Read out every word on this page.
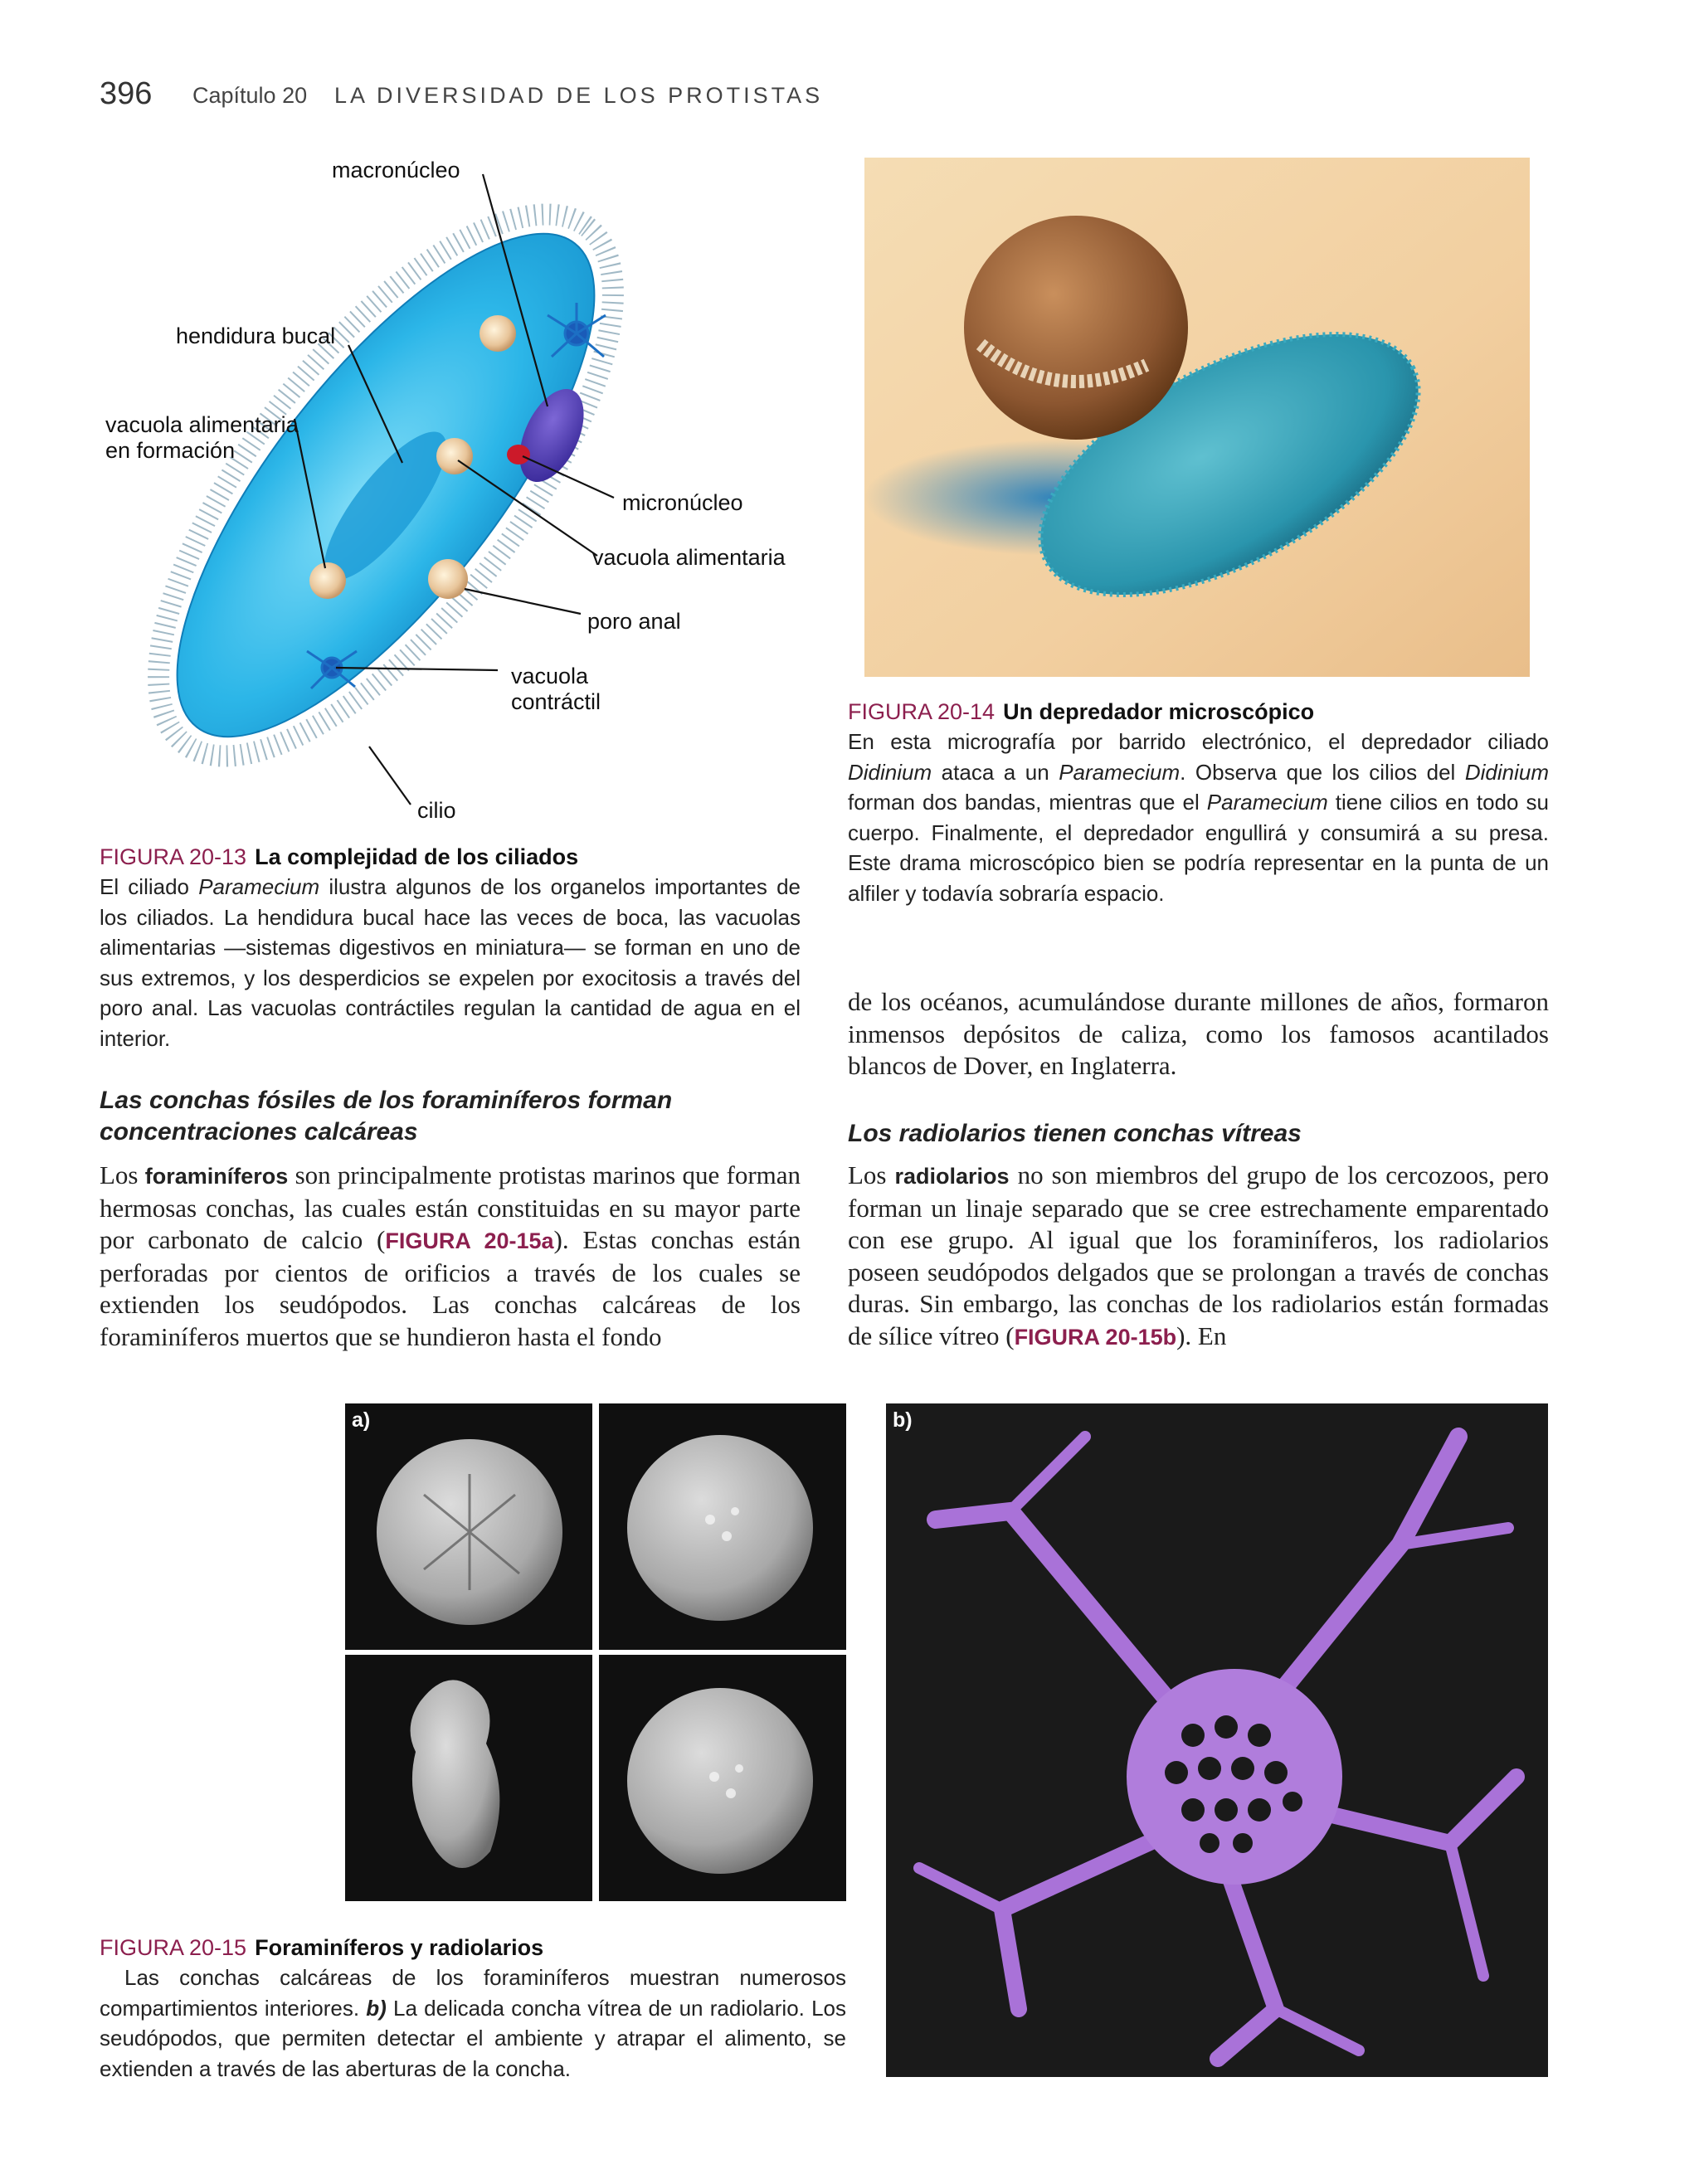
396 Capítulo 20 LA DIVERSIDAD DE LOS PROTISTAS
macronúcleo
hendidura bucal
vacuola alimentaria
en formación
micronúcleo
vacuola alimentaria
poro anal
vacuola
contráctil
cilio
FIGURA 20-13 La complejidad de los ciliados
El ciliado Paramecium ilustra algunos de los organelos importantes de los ciliados. La hendidura bucal hace las veces de boca, las vacuolas alimentarias —sistemas digestivos en miniatura— se forman en uno de sus extremos, y los desperdicios se expelen por exocitosis a través del poro anal. Las vacuolas contráctiles regulan la cantidad de agua en el interior.
FIGURA 20-14 Un depredador microscópico
En esta micrografía por barrido electrónico, el depredador ciliado Didinium ataca a un Paramecium. Observa que los cilios del Didinium forman dos bandas, mientras que el Paramecium tiene cilios en todo su cuerpo. Finalmente, el depredador engullirá y consumirá a su presa. Este drama microscópico bien se podría representar en la punta de un alfiler y todavía sobraría espacio.
Las conchas fósiles de los foraminíferos forman
concentraciones calcáreas
Los foraminíferos son principalmente protistas marinos que forman hermosas conchas, las cuales están constituidas en su mayor parte por carbonato de calcio (FIGURA 20-15a). Estas conchas están perforadas por cientos de orificios a través de los cuales se extienden los seudópodos. Las conchas calcáreas de los foraminíferos muertos que se hundieron hasta el fondo
de los océanos, acumulándose durante millones de años, formaron inmensos depósitos de caliza, como los famosos acantilados blancos de Dover, en Inglaterra.
Los radiolarios tienen conchas vítreas
Los radiolarios no son miembros del grupo de los cercozoos, pero forman un linaje separado que se cree estrechamente emparentado con ese grupo. Al igual que los foraminíferos, los radiolarios poseen seudópodos delgados que se prolongan a través de conchas duras. Sin embargo, las conchas de los radiolarios están formadas de sílice vítreo (FIGURA 20-15b). En
a)	b)
FIGURA 20-15 Foraminíferos y radiolarios
Las conchas calcáreas de los foraminíferos muestran numerosos compartimientos interiores. b) La delicada concha vítrea de un radiolario. Los seudópodos, que permiten detectar el ambiente y atrapar el alimento, se extienden a través de las aberturas de la concha.
